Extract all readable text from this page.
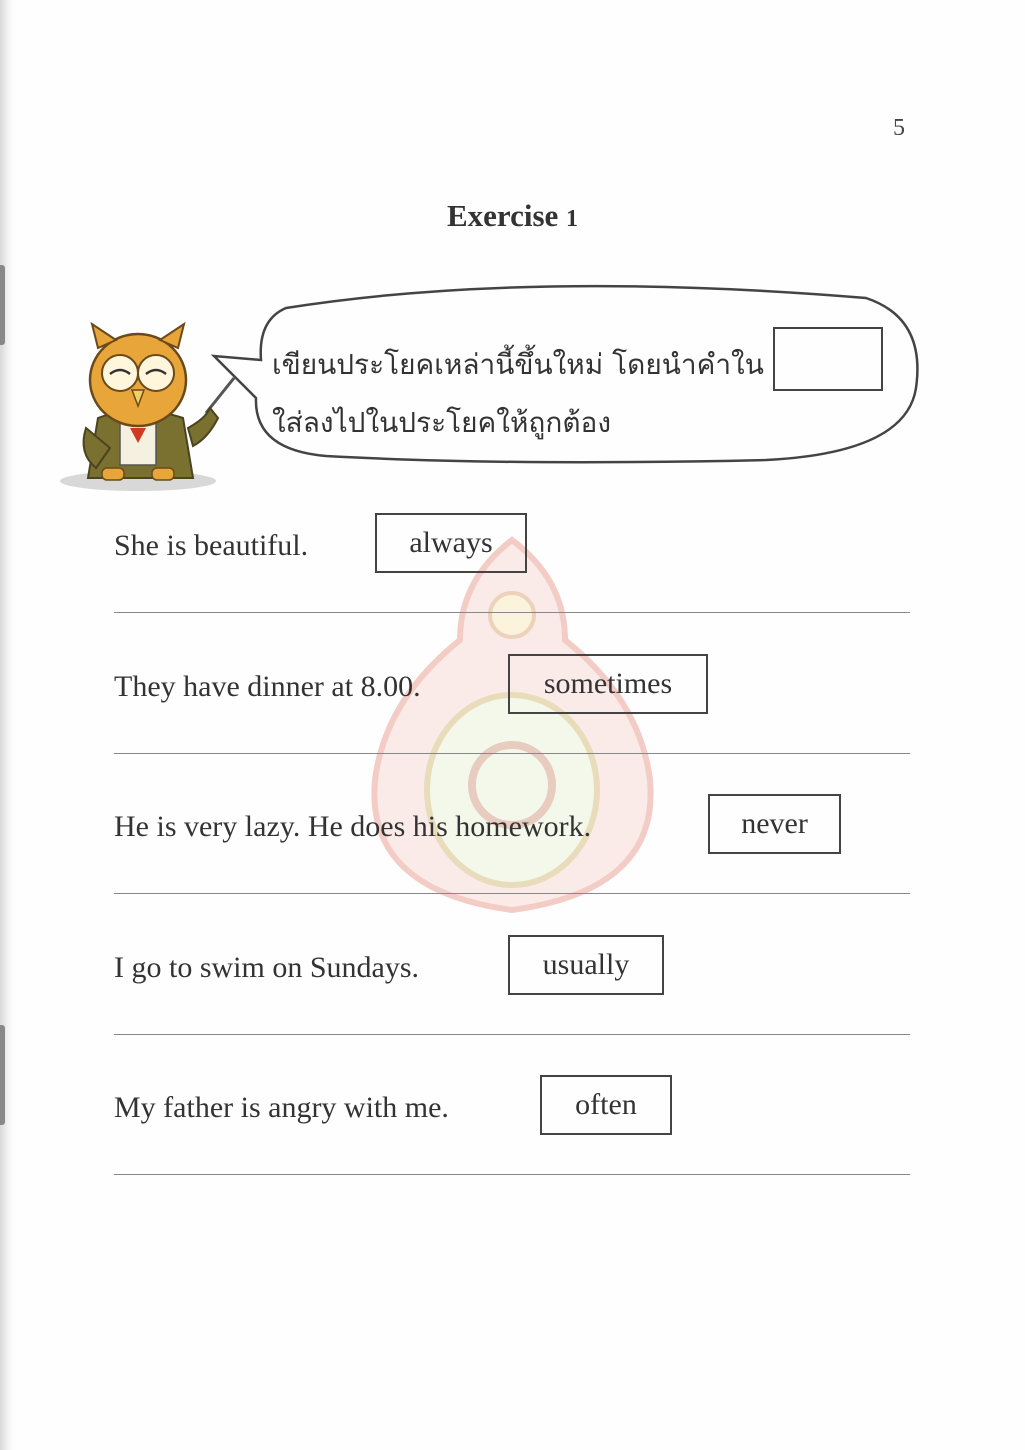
5
Exercise 1
เขียนประโยคเหล่านี้ขึ้นใหม่ โดยนำคำใน
ใส่ลงไปในประโยคให้ถูกต้อง
She is beautiful.	always
They have dinner at 8.00.	sometimes
He is very lazy. He does his homework.	never
I go to swim on Sundays.	usually
My father is angry with me.	often
